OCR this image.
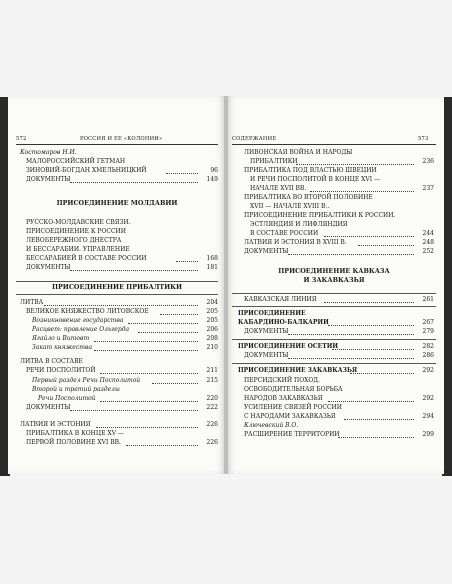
572	РОССИЯ И ЕЕ «КОЛОНИИ»
Костомаров Н.И.
МАЛОРОССИЙСКИЙ ГЕТМАН
ЗИНОВИЙ-БОГДАН ХМЕЛЬНИЦКИЙ	96
ДОКУМЕНТЫ	149
ПРИСОЕДИНЕНИЕ МОЛДАВИИ
РУССКО-МОЛДАВСКИЕ СВЯЗИ.
ПРИСОЕДИНЕНИЕ К РОССИИ
ЛЕВОБЕРЕЖНОГО ДНЕСТРА
И БЕССАРАБИИ. УПРАВЛЕНИЕ
БЕССАРАБИЕЙ В СОСТАВЕ РОССИИ	168
ДОКУМЕНТЫ	181
ПРИСОЕДИНЕНИЕ ПРИБАЛТИКИ
ЛИТВА	204
ВЕЛИКОЕ КНЯЖЕСТВО ЛИТОВСКОЕ	205
Возникновение государства	205
Расцвет: правление Ольгерда	206
Ягайло и Витовт	208
Закат княжества	210
ЛИТВА В СОСТАВЕ
РЕЧИ ПОСПОЛИТОЙ	211
Первый раздел Речи Посполитой	215
Второй и третий разделы
Речи Посполитой	220
ДОКУМЕНТЫ	222
ЛАТВИЯ И ЭСТОНИЯ	226
ПРИБАЛТИКА В КОНЦЕ XV —
ПЕРВОЙ ПОЛОВИНЕ XVI ВВ.	226
СОДЕРЖАНИЕ	573
ЛИВОНСКАЯ ВОЙНА И НАРОДЫ
ПРИБАЛТИКИ	236
ПРИБАЛТИКА ПОД ВЛАСТЬЮ ШВЕЦИИ
И РЕЧИ ПОСПОЛИТОЙ В КОНЦЕ XVI —
НАЧАЛЕ XVII ВВ.	237
ПРИБАЛТИКА ВО ВТОРОЙ ПОЛОВИНЕ
XVII — НАЧАЛЕ XVIII В..
ПРИСОЕДИНЕНИЕ ПРИБАЛТИКИ К РОССИИ.
ЭСТЛЯНДИЯ И ЛИФЛЯНДИЯ
В СОСТАВЕ РОССИИ	244
ЛАТВИЯ И ЭСТОНИЯ В XVIII В.	248
ДОКУМЕНТЫ	252
ПРИСОЕДИНЕНИЕ КАВКАЗА
И ЗАКАВКАЗЬЯ
КАВКАЗСКАЯ ЛИНИЯ	261
ПРИСОЕДИНЕНИЕ
КАБАРДИНО-БАЛКАРИИ	267
ДОКУМЕНТЫ	279
ПРИСОЕДИНЕНИЕ ОСЕТИИ	282
ДОКУМЕНТЫ	286
ПРИСОЕДИНЕНИЕ ЗАКАВКАЗЬЯ	292
ПЕРСИДСКИЙ ПОХОД.
ОСВОБОДИТЕЛЬНАЯ БОРЬБА
НАРОДОВ ЗАКАВКАЗЬЯ	292
УСИЛЕНИЕ СВЯЗЕЙ РОССИИ
С НАРОДАМИ ЗАКАВКАЗЬЯ	294
Ключевский В.О.
РАСШИРЕНИЕ ТЕРРИТОРИИ	299
